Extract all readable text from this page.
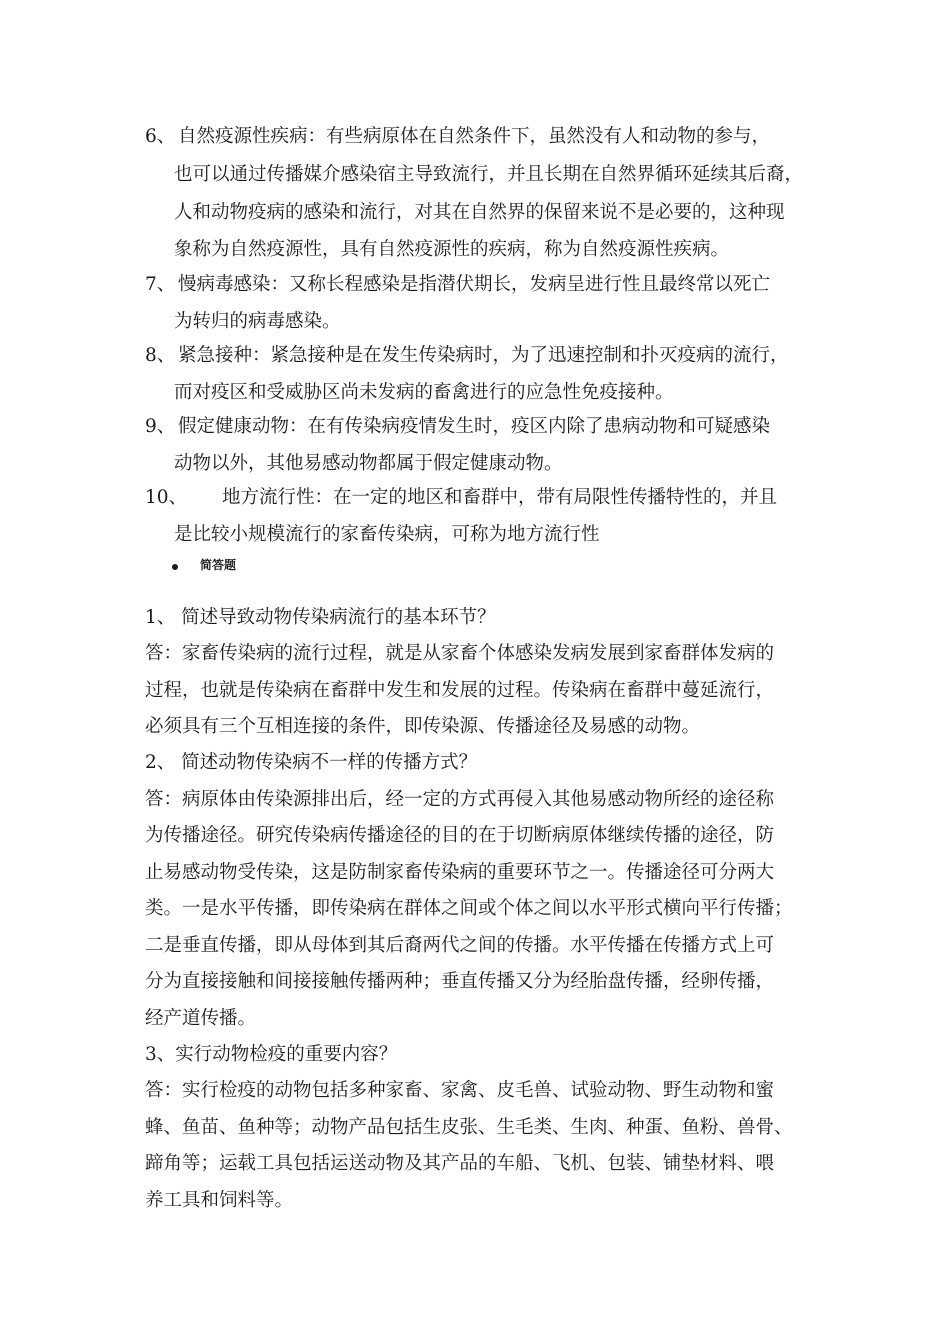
6、 自然疫源性疾病：有些病原体在自然条件下，虽然没有人和动物的参与，
也可以通过传播媒介感染宿主导致流行，并且长期在自然界循环延续其后裔，
人和动物疫病的感染和流行，对其在自然界的保留来说不是必要的，这种现
象称为自然疫源性，具有自然疫源性的疾病，称为自然疫源性疾病。
7、 慢病毒感染：又称长程感染是指潜伏期长，发病呈进行性且最终常以死亡
为转归的病毒感染。
8、 紧急接种：紧急接种是在发生传染病时，为了迅速控制和扑灭疫病的流行，
而对疫区和受威胁区尚未发病的畜禽进行的应急性免疫接种。
9、 假定健康动物：在有传染病疫情发生时，疫区内除了患病动物和可疑感染
动物以外，其他易感动物都属于假定健康动物。
10、 地方流行性：在一定的地区和畜群中，带有局限性传播特性的，并且
是比较小规模流行的家畜传染病，可称为地方流行性
简答题
1、 简述导致动物传染病流行的基本环节？
答：家畜传染病的流行过程，就是从家畜个体感染发病发展到家畜群体发病的
过程，也就是传染病在畜群中发生和发展的过程。传染病在畜群中蔓延流行，
必须具有三个互相连接的条件，即传染源、传播途径及易感的动物。
2、 简述动物传染病不一样的传播方式？
答：病原体由传染源排出后，经一定的方式再侵入其他易感动物所经的途径称
为传播途径。研究传染病传播途径的目的在于切断病原体继续传播的途径，防
止易感动物受传染，这是防制家畜传染病的重要环节之一。传播途径可分两大
类。一是水平传播，即传染病在群体之间或个体之间以水平形式横向平行传播；
二是垂直传播，即从母体到其后裔两代之间的传播。水平传播在传播方式上可
分为直接接触和间接接触传播两种；垂直传播又分为经胎盘传播，经卵传播，
经产道传播。
3、实行动物检疫的重要内容？
答：实行检疫的动物包括多种家畜、家禽、皮毛兽、试验动物、野生动物和蜜
蜂、鱼苗、鱼种等；动物产品包括生皮张、生毛类、生肉、种蛋、鱼粉、兽骨、
蹄角等；运载工具包括运送动物及其产品的车船、飞机、包装、铺垫材料、喂
养工具和饲料等。
